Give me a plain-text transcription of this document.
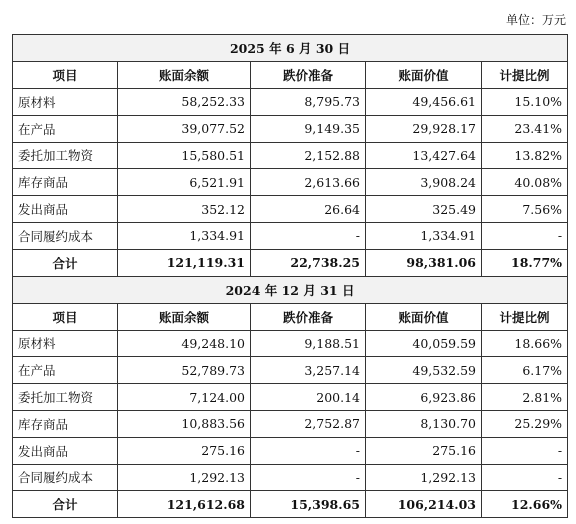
单位：万元
2025 年 6 月 30 日				
项目	账面余额	跌价准备	账面价值	计提比例
原材料	58,252.33	8,795.73	49,456.61	15.10%
在产品	39,077.52	9,149.35	29,928.17	23.41%
委托加工物资	15,580.51	2,152.88	13,427.64	13.82%
库存商品	6,521.91	2,613.66	3,908.24	40.08%
发出商品	352.12	26.64	325.49	7.56%
合同履约成本	1,334.91	-	1,334.91	-
合计	121,119.31	22,738.25	98,381.06	18.77%
2024 年 12 月 31 日				
项目	账面余额	跌价准备	账面价值	计提比例
原材料	49,248.10	9,188.51	40,059.59	18.66%
在产品	52,789.73	3,257.14	49,532.59	6.17%
委托加工物资	7,124.00	200.14	6,923.86	2.81%
库存商品	10,883.56	2,752.87	8,130.70	25.29%
发出商品	275.16	-	275.16	-
合同履约成本	1,292.13	-	1,292.13	-
合计	121,612.68	15,398.65	106,214.03	12.66%
